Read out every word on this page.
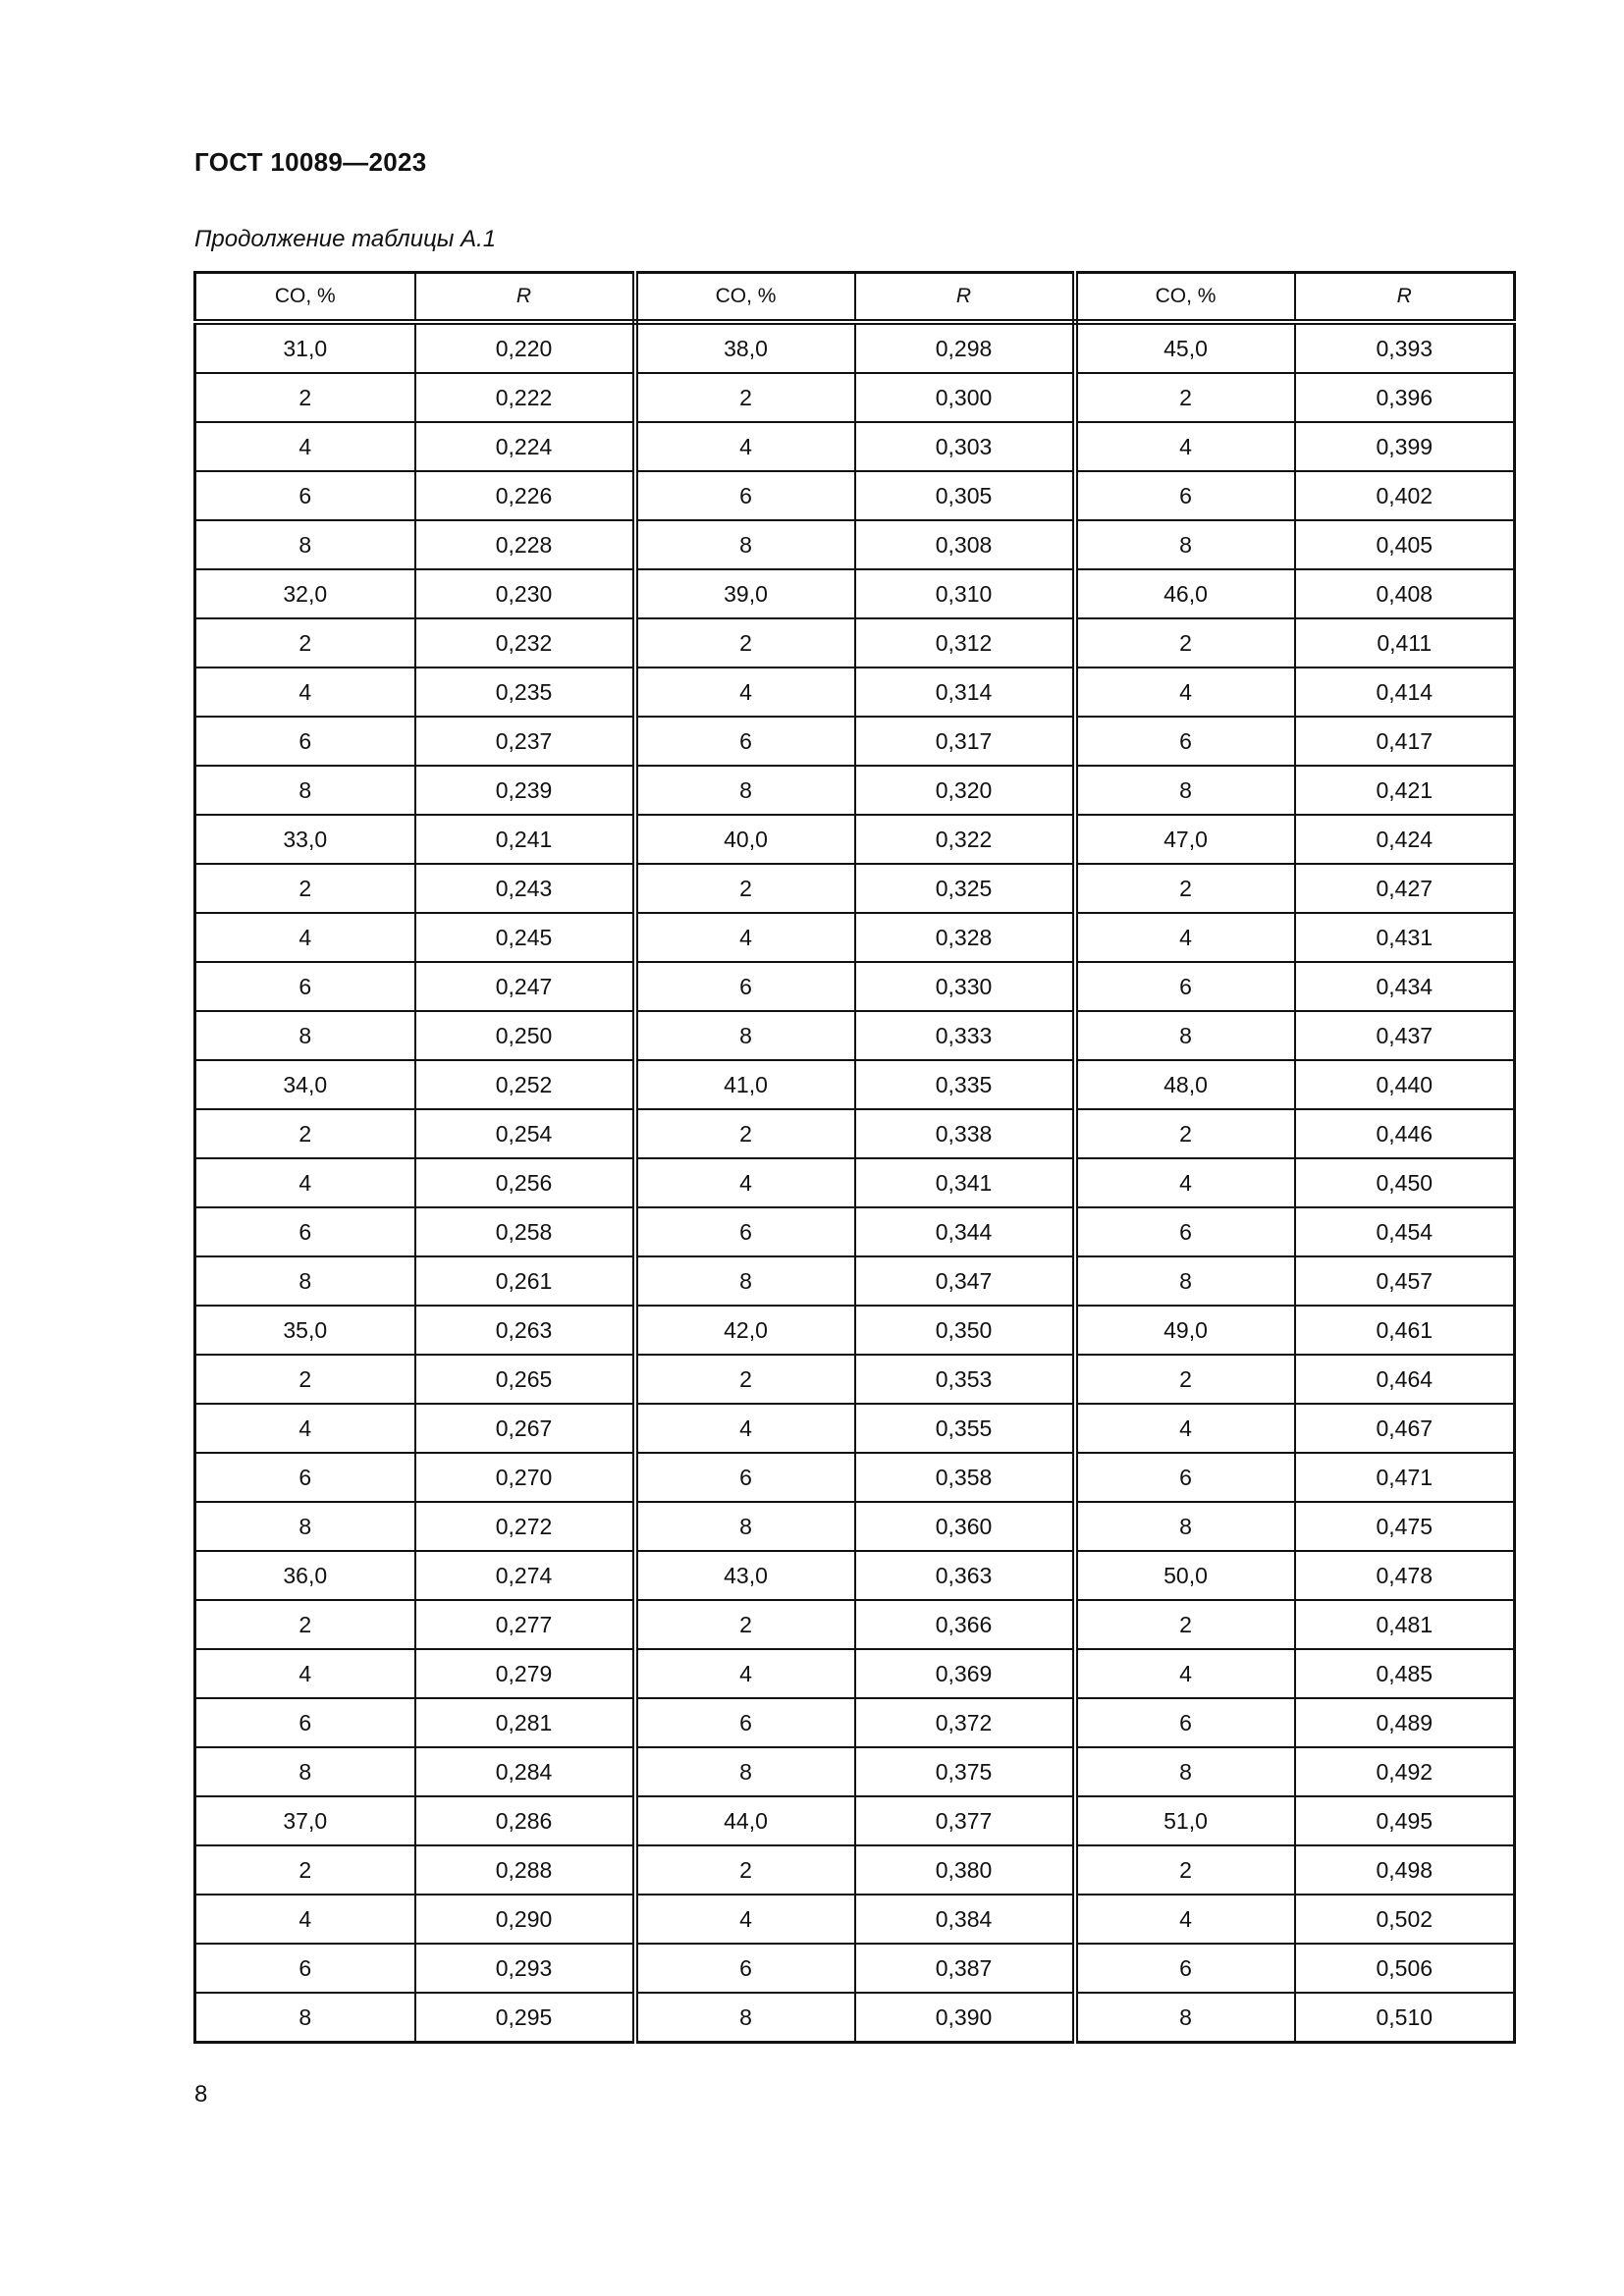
ГОСТ 10089—2023
Продолжение таблицы А.1
CO, %	R	CO, %	R	CO, %	R
31,0	0,220	38,0	0,298	45,0	0,393
2	0,222	2	0,300	2	0,396
4	0,224	4	0,303	4	0,399
6	0,226	6	0,305	6	0,402
8	0,228	8	0,308	8	0,405
32,0	0,230	39,0	0,310	46,0	0,408
2	0,232	2	0,312	2	0,411
4	0,235	4	0,314	4	0,414
6	0,237	6	0,317	6	0,417
8	0,239	8	0,320	8	0,421
33,0	0,241	40,0	0,322	47,0	0,424
2	0,243	2	0,325	2	0,427
4	0,245	4	0,328	4	0,431
6	0,247	6	0,330	6	0,434
8	0,250	8	0,333	8	0,437
34,0	0,252	41,0	0,335	48,0	0,440
2	0,254	2	0,338	2	0,446
4	0,256	4	0,341	4	0,450
6	0,258	6	0,344	6	0,454
8	0,261	8	0,347	8	0,457
35,0	0,263	42,0	0,350	49,0	0,461
2	0,265	2	0,353	2	0,464
4	0,267	4	0,355	4	0,467
6	0,270	6	0,358	6	0,471
8	0,272	8	0,360	8	0,475
36,0	0,274	43,0	0,363	50,0	0,478
2	0,277	2	0,366	2	0,481
4	0,279	4	0,369	4	0,485
6	0,281	6	0,372	6	0,489
8	0,284	8	0,375	8	0,492
37,0	0,286	44,0	0,377	51,0	0,495
2	0,288	2	0,380	2	0,498
4	0,290	4	0,384	4	0,502
6	0,293	6	0,387	6	0,506
8	0,295	8	0,390	8	0,510
8
